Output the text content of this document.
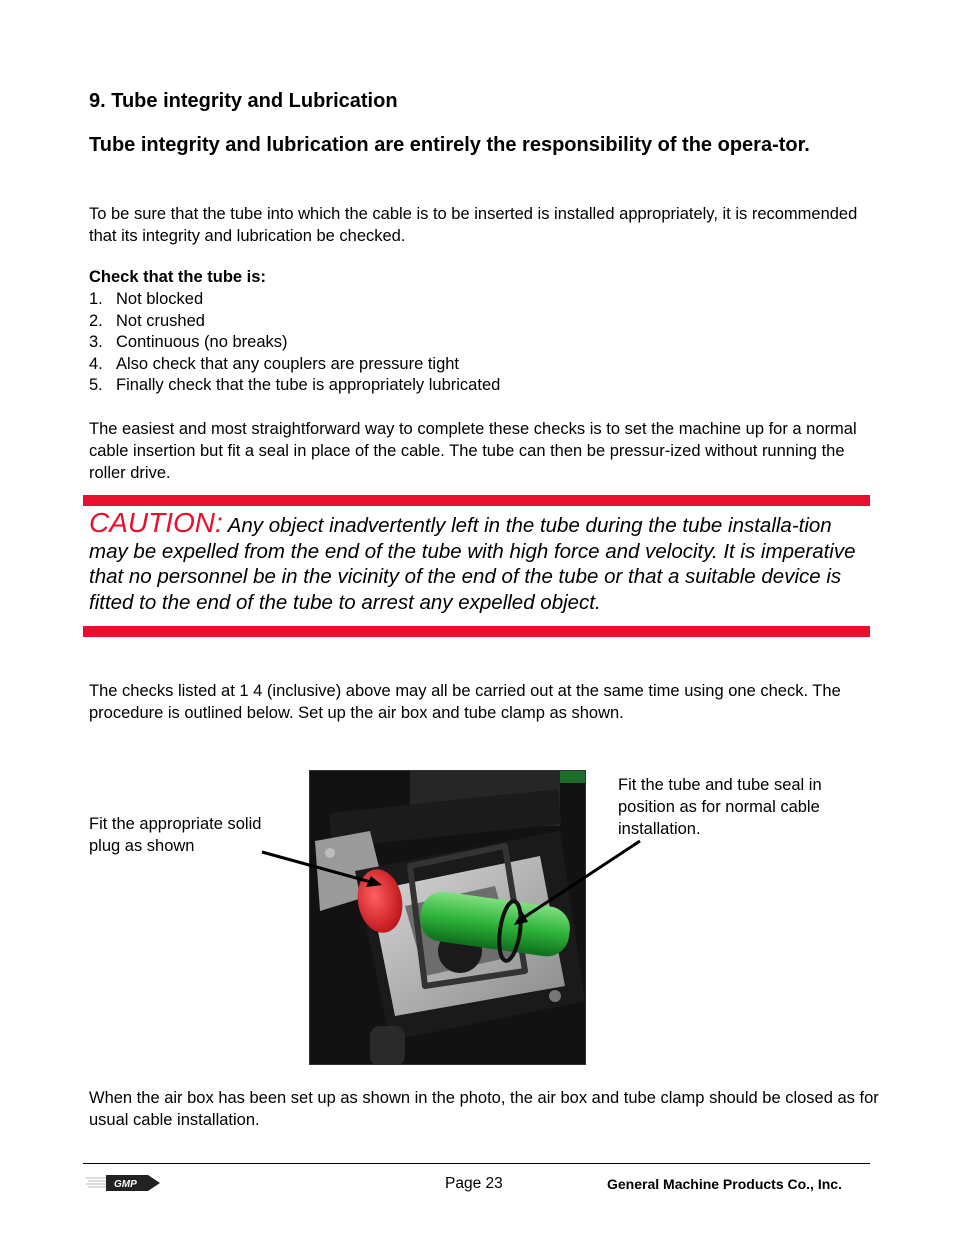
9. Tube integrity and Lubrication
Tube integrity and lubrication are entirely the responsibility of the opera-tor.
To be sure that the tube into which the cable is to be inserted is installed appropriately, it is recommended that its integrity and lubrication be checked.
Check that the tube is:
1. Not blocked
2. Not crushed
3. Continuous (no breaks)
4. Also check that any couplers are pressure tight
5. Finally check that the tube is appropriately lubricated
The easiest and most straightforward way to complete these checks is to set the machine up for a normal cable insertion but fit a seal in place of the cable. The tube can then be pressur-ized without running the roller drive.
CAUTION: Any object inadvertently left in the tube during the tube installa-tion may be expelled from the end of the tube with high force and velocity. It is imperative that no personnel be in the vicinity of the end of the tube or that a suitable device is fitted to the end of the tube to arrest any expelled object.
The checks listed at 1 4 (inclusive) above may all be carried out at the same time using one check. The procedure is outlined below. Set up the air box and tube clamp as shown.
Fit the appropriate solid plug as shown
Fit the tube and tube seal in position as for normal cable installation.
When the air box has been set up as shown in the photo, the air box and tube clamp should be closed as for usual cable installation.
GMP	Page 23	General Machine Products Co., Inc.
